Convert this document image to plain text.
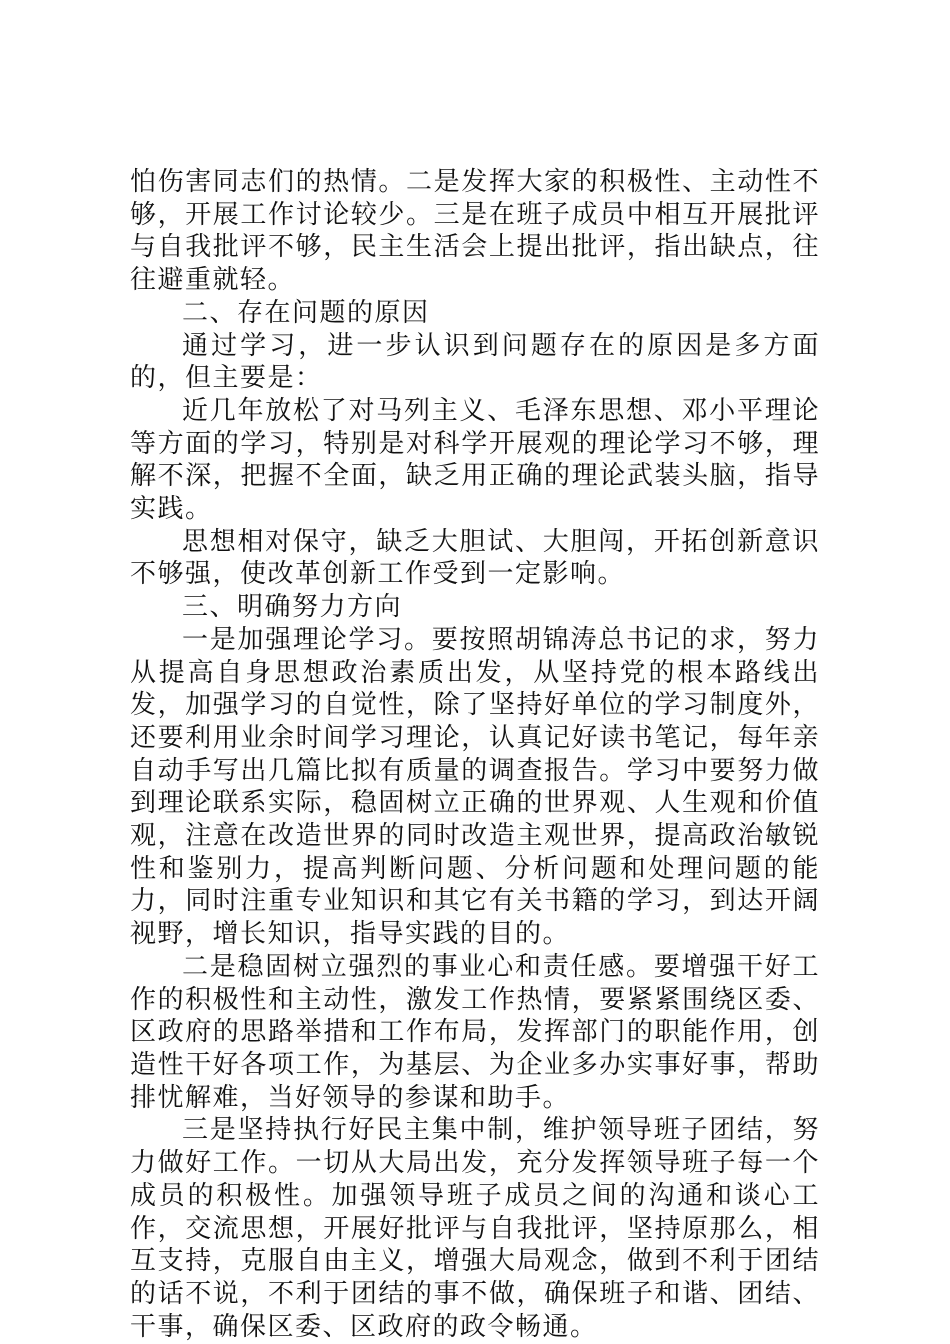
怕伤害同志们的热情。二是发挥大家的积极性、主动性不够，开展工作讨论较少。三是在班子成员中相互开展批评与自我批评不够，民主生活会上提出批评，指出缺点，往往避重就轻。

二、存在问题的原因

通过学习，进一步认识到问题存在的原因是多方面的，但主要是：

近几年放松了对马列主义、毛泽东思想、邓小平理论等方面的学习，特别是对科学开展观的理论学习不够，理解不深，把握不全面，缺乏用正确的理论武装头脑，指导实践。

思想相对保守，缺乏大胆试、大胆闯，开拓创新意识不够强，使改革创新工作受到一定影响。

三、明确努力方向

一是加强理论学习。要按照胡锦涛总书记的求，努力从提高自身思想政治素质出发，从坚持党的根本路线出发，加强学习的自觉性，除了坚持好单位的学习制度外，还要利用业余时间学习理论，认真记好读书笔记，每年亲自动手写出几篇比拟有质量的调查报告。学习中要努力做到理论联系实际，稳固树立正确的世界观、人生观和价值观，注意在改造世界的同时改造主观世界，提高政治敏锐性和鉴别力，提高判断问题、分析问题和处理问题的能力，同时注重专业知识和其它有关书籍的学习，到达开阔视野，增长知识，指导实践的目的。

二是稳固树立强烈的事业心和责任感。要增强干好工作的积极性和主动性，激发工作热情，要紧紧围绕区委、区政府的思路举措和工作布局，发挥部门的职能作用，创造性干好各项工作，为基层、为企业多办实事好事，帮助排忧解难，当好领导的参谋和助手。

三是坚持执行好民主集中制，维护领导班子团结，努力做好工作。一切从大局出发，充分发挥领导班子每一个成员的积极性。加强领导班子成员之间的沟通和谈心工作，交流思想，开展好批评与自我批评，坚持原那么，相互支持，克服自由主义，增强大局观念，做到不利于团结的话不说，不利于团结的事不做，确保班子和谐、团结、干事，确保区委、区政府的政令畅通。
